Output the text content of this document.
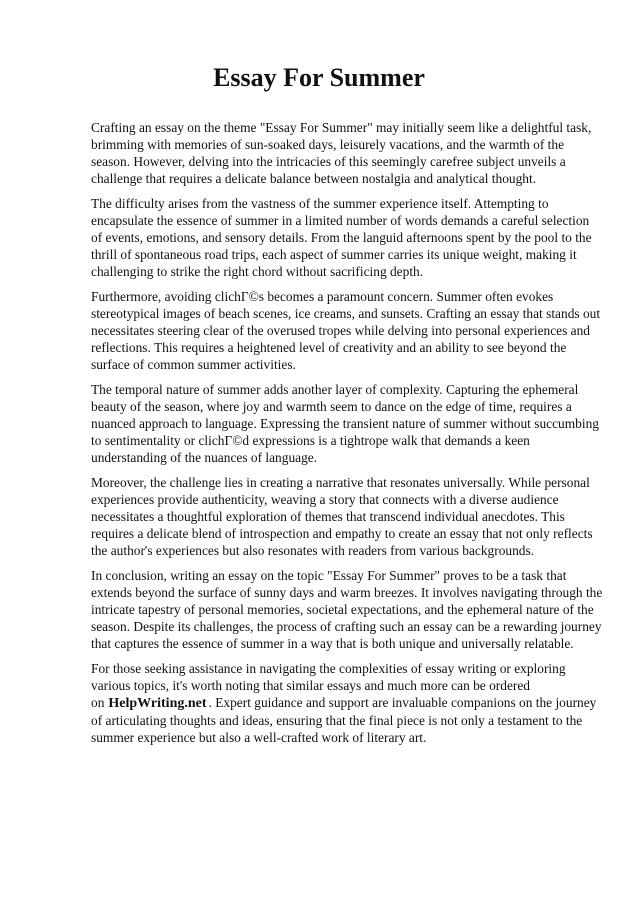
Essay For Summer

Crafting an essay on the theme "Essay For Summer" may initially seem like a delightful task, brimming with memories of sun-soaked days, leisurely vacations, and the warmth of the season. However, delving into the intricacies of this seemingly carefree subject unveils a challenge that requires a delicate balance between nostalgia and analytical thought.

The difficulty arises from the vastness of the summer experience itself. Attempting to encapsulate the essence of summer in a limited number of words demands a careful selection of events, emotions, and sensory details. From the languid afternoons spent by the pool to the thrill of spontaneous road trips, each aspect of summer carries its unique weight, making it challenging to strike the right chord without sacrificing depth.

Furthermore, avoiding clichГ©s becomes a paramount concern. Summer often evokes stereotypical images of beach scenes, ice creams, and sunsets. Crafting an essay that stands out necessitates steering clear of the overused tropes while delving into personal experiences and reflections. This requires a heightened level of creativity and an ability to see beyond the surface of common summer activities.

The temporal nature of summer adds another layer of complexity. Capturing the ephemeral beauty of the season, where joy and warmth seem to dance on the edge of time, requires a nuanced approach to language. Expressing the transient nature of summer without succumbing to sentimentality or clichГ©d expressions is a tightrope walk that demands a keen understanding of the nuances of language.

Moreover, the challenge lies in creating a narrative that resonates universally. While personal experiences provide authenticity, weaving a story that connects with a diverse audience necessitates a thoughtful exploration of themes that transcend individual anecdotes. This requires a delicate blend of introspection and empathy to create an essay that not only reflects the author's experiences but also resonates with readers from various backgrounds.

In conclusion, writing an essay on the topic "Essay For Summer" proves to be a task that extends beyond the surface of sunny days and warm breezes. It involves navigating through the intricate tapestry of personal memories, societal expectations, and the ephemeral nature of the season. Despite its challenges, the process of crafting such an essay can be a rewarding journey that captures the essence of summer in a way that is both unique and universally relatable.

For those seeking assistance in navigating the complexities of essay writing or exploring various topics, it's worth noting that similar essays and much more can be ordered on HelpWriting.net . Expert guidance and support are invaluable companions on the journey of articulating thoughts and ideas, ensuring that the final piece is not only a testament to the summer experience but also a well-crafted work of literary art.
